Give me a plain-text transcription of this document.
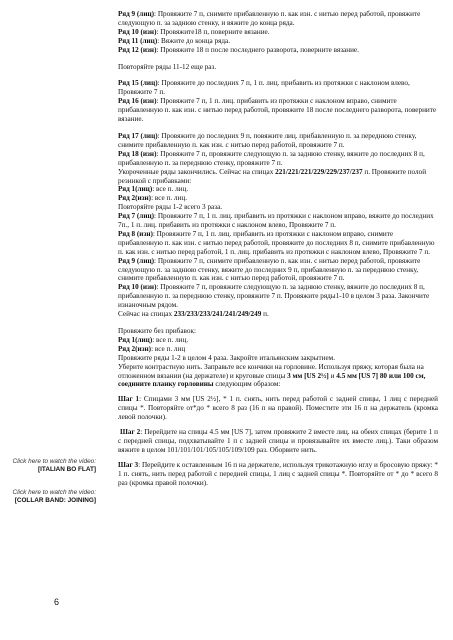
Ряд 9 (лиц): Провяжите 7 п, снимите прибавленную п. как изн. с нитью перед работой, провяжите следующую п. за заднюю стенку, и вяжите до конца ряда.

Ряд 10 (изн): Провяжите18 п, поверните вязание.

Ряд 11 (лиц): Вяжите до конца ряда.

Ряд 12 (изн): Провяжите 18 п после последнего разворота, поверните вязание.

Повторяйте ряды 11-12 еще раз.

Ряд 15 (лиц): Провяжите до последних 7 п, 1 п. лиц. прибавить из протяжки с наклоном влево, Провяжите 7 п.

Ряд 16 (изн): Провяжите 7 п, 1 п. лиц. прибавить из протяжки с наклоном вправо, снимите прибавленную п. как изн. с нитью перед работой, провяжите 18 после последнего разворота, поверните вязание.

Ряд 17 (лиц): Провяжите до последних 9 п, повяжите лиц. прибавленную п. за переднюю стенку, снимите прибавленную п. как изн. с нитью перед работой, провяжите 7 п.

Ряд 18 (изн): Провяжите 7 п, провяжите следующую п. за заднюю стенку, вяжите до последних 8 п, прибавленную п. за переднюю стенку, провяжите 7 п.

Укороченные ряды закончились. Сейчас на спицах 221/221/221/229/229/237/237 п. Провяжите полой резинкой с прибавками:

Ряд 1(лиц): все п. лиц.

Ряд 2(изн): все п. лиц.

Повторяйте ряды 1-2 всего 3 раза.

Ряд 7 (лиц): Провяжите 7 п, 1 п. лиц. прибавить из протяжки с наклоном вправо, вяжите до последних 7п., 1 п. лиц. прибавить из протяжки с наклоном влево, Провяжите 7 п.

Ряд 8 (изн): Провяжите 7 п, 1 п. лиц. прибавить из протяжки с наклоном вправо, снимите прибавленную п. как изн. с нитью перед работой, провяжите до последних 8 п, снимите прибавленную п. как изн. с нитью перед работой, 1 п. лиц. прибавить из протяжки с наклоном влево, Провяжите 7 п.

Ряд 9 (лиц): Провяжите 7 п, снимите прибавленную п. как изн. с нитью перед работой, провяжите следующую п. за заднюю стенку, вяжите до последних 9 п, прибавленную п. за переднюю стенку, снимите прибавленную п. как изн. с нитью перед работой, провяжите 7 п.

Ряд 10 (изн): Провяжите 7 п, провяжите следующую п. за заднюю стенку, вяжите до последних 8 п, прибавленную п. за переднюю стенку, провяжите 7 п. Провяжите ряды1-10 в целом 3 раза. Закончите изнаночным рядом.

Сейчас на спицах 233/233/233/241/241/249/249 п.

Провяжите без прибавок:

Ряд 1(лиц): все п. лиц.

Ряд 2(изн): все п. лиц

Провяжите ряды 1-2 в целом 4 раза. Закройте итальянским закрытием.

Уберите контрастную нить. Заправьте все кончики на горловине. Используя пряжу, которая была на отложенном вязании (на держателе) и круговые спицы 3 мм [US 2½] и 4.5 мм [US 7] 80 или 100 см, соедините планку горловины следующим образом:

Шаг 1: Спицами 3 мм [US 2½], * 1 п. снять, нить перед работой с задней спицы, 1 лиц с передней спицы *. Повторяйте от*до * всего 8 раз (16 п на правой). Поместите эти 16 п на держатель (кромка левой полочки).

Шаг 2: Перейдите на спицы 4.5 мм [US 7], затем провяжите 2 вместе лиц. на обеих спицах (берите 1 п с передней спицы, подхватывайте 1 п с задней спицы и провязывайте их вместе лиц.). Таки образом вяжите в целом 101/101/101/105/105/109/109 раз. Оборвите нить.

Шаг 3: Перейдите к оставленным 16 п на держателе, используя трикотажную иглу и бросовую пряжу: * 1 п. снять, нить перед работой с передней спицы, 1 лиц с задней спицы *. Повторяйте от * до * всего 8 раз (кромка правой полочки).

Click here to watch the video:
[ITALIAN BO FLAT]
Click here to watch the video:
[COLLAR BAND: JOINING]
6
